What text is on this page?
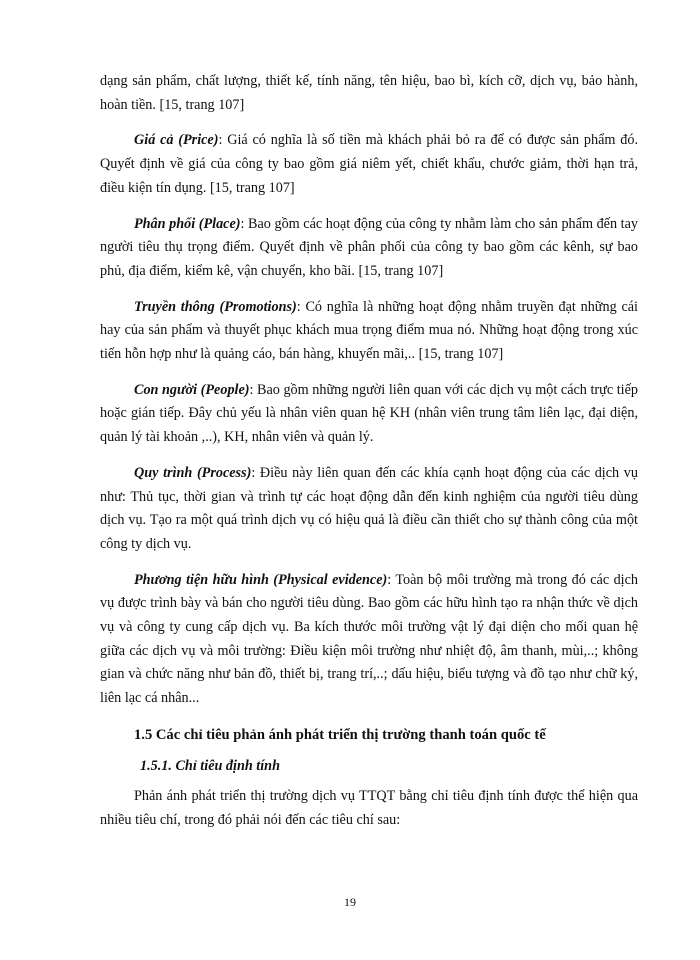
dạng sản phẩm, chất lượng, thiết kế, tính năng, tên hiệu, bao bì, kích cỡ, dịch vụ, bảo hành, hoàn tiền. [15, trang 107]

Giá cả (Price): Giá có nghĩa là số tiền mà khách phải bỏ ra để có được sản phẩm đó. Quyết định về giá của công ty bao gồm giá niêm yết, chiết khấu, chước giảm, thời hạn trả, điều kiện tín dụng. [15, trang 107]

Phân phối (Place): Bao gồm các hoạt động của công ty nhằm làm cho sản phẩm đến tay người tiêu thụ trọng điểm. Quyết định về phân phối của công ty bao gồm các kênh, sự bao phủ, địa điểm, kiểm kê, vận chuyển, kho bãi. [15, trang 107]

Truyền thông (Promotions): Có nghĩa là những hoạt động nhằm truyền đạt những cái hay của sản phẩm và thuyết phục khách mua trọng điểm mua nó. Những hoạt động trong xúc tiến hỗn hợp như là quảng cáo, bán hàng, khuyến mãi,.. [15, trang 107]

Con người (People): Bao gồm những người liên quan với các dịch vụ một cách trực tiếp hoặc gián tiếp. Đây chủ yếu là nhân viên quan hệ KH (nhân viên trung tâm liên lạc, đại diện, quản lý tài khoản ,..), KH, nhân viên và quản lý.

Quy trình (Process): Điều này liên quan đến các khía cạnh hoạt động của các dịch vụ như: Thủ tục, thời gian và trình tự các hoạt động dẫn đến kinh nghiệm của người tiêu dùng dịch vụ. Tạo ra một quá trình dịch vụ có hiệu quả là điều cần thiết cho sự thành công của một công ty dịch vụ.

Phương tiện hữu hình (Physical evidence): Toàn bộ môi trường mà trong đó các dịch vụ được trình bày và bán cho người tiêu dùng. Bao gồm các hữu hình tạo ra nhận thức về dịch vụ và công ty cung cấp dịch vụ. Ba kích thước môi trường vật lý đại diện cho mối quan hệ giữa các dịch vụ và môi trường: Điều kiện môi trường như nhiệt độ, âm thanh, mùi,..; không gian và chức năng như bản đồ, thiết bị, trang trí,..; dấu hiệu, biểu tượng và đồ tạo như chữ ký, liên lạc cá nhân...

1.5 Các chỉ tiêu phản ánh phát triển thị trường thanh toán quốc tế

1.5.1. Chỉ tiêu định tính

Phản ánh phát triển thị trường dịch vụ TTQT bằng chỉ tiêu định tính được thể hiện qua nhiều tiêu chí, trong đó phải nói đến các tiêu chí sau:

19
